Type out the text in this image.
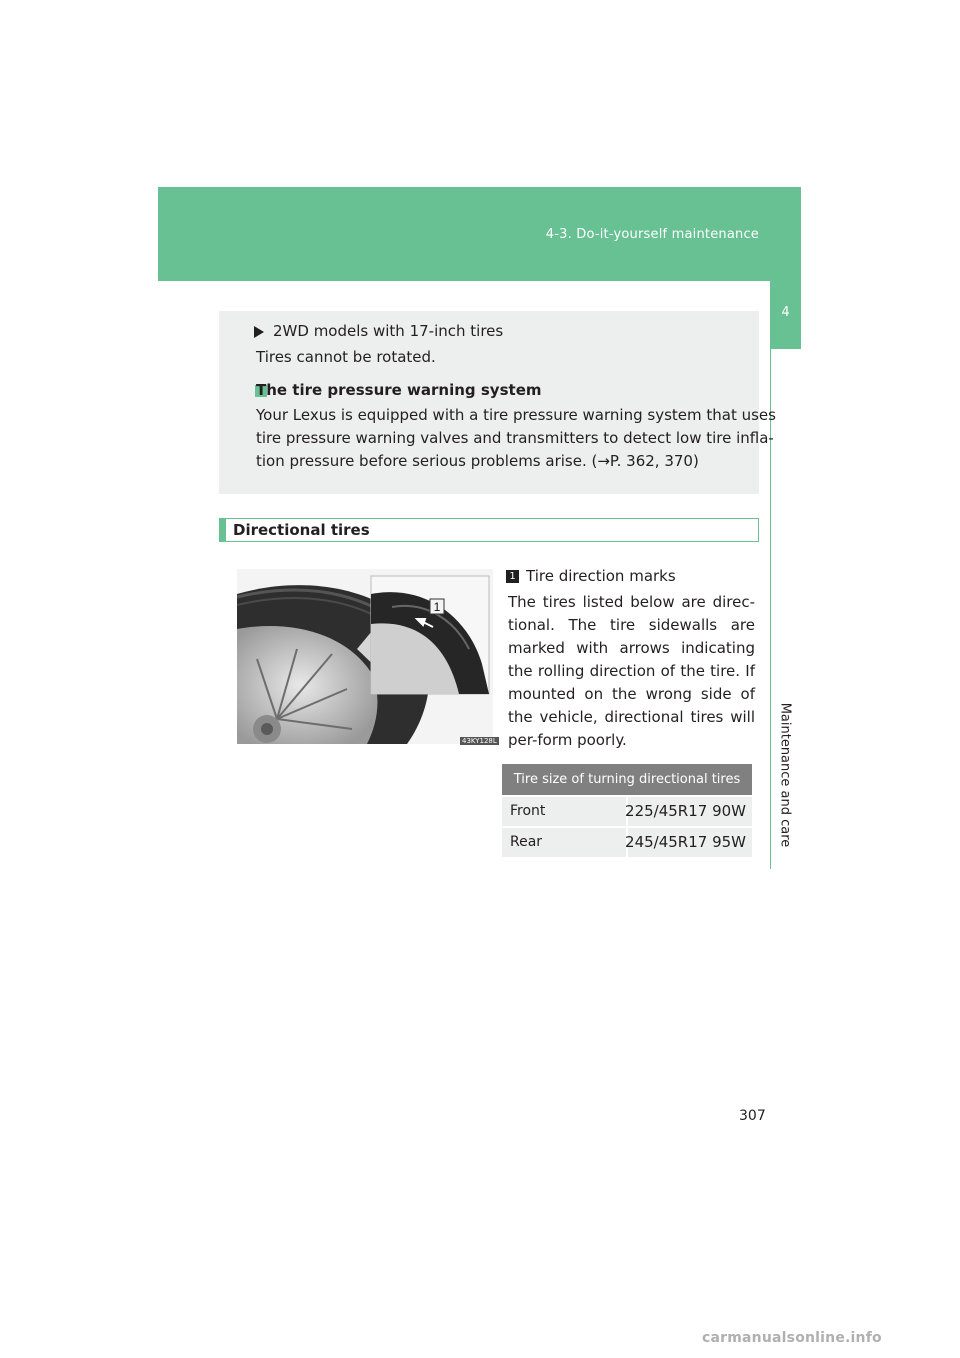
4-3. Do-it-yourself maintenance
4
Maintenance and care
2WD models with 17-inch tires
Tires cannot be rotated.
The tire pressure warning system
Your Lexus is equipped with a tire pressure warning system that uses
tire pressure warning valves and transmitters to detect low tire infla-
tion pressure before serious problems arise. (→P. 362, 370)
Directional tires
1
43KY128L
1 Tire direction marks
The tires listed below are direc-tional. The tire sidewalls are marked with arrows indicating the rolling direction of the tire. If mounted on the wrong side of the vehicle, directional tires will per-form poorly.
Tire size of turning directional tires
Front	225/45R17 90W
Rear	245/45R17 95W
307
carmanualsonline.info
